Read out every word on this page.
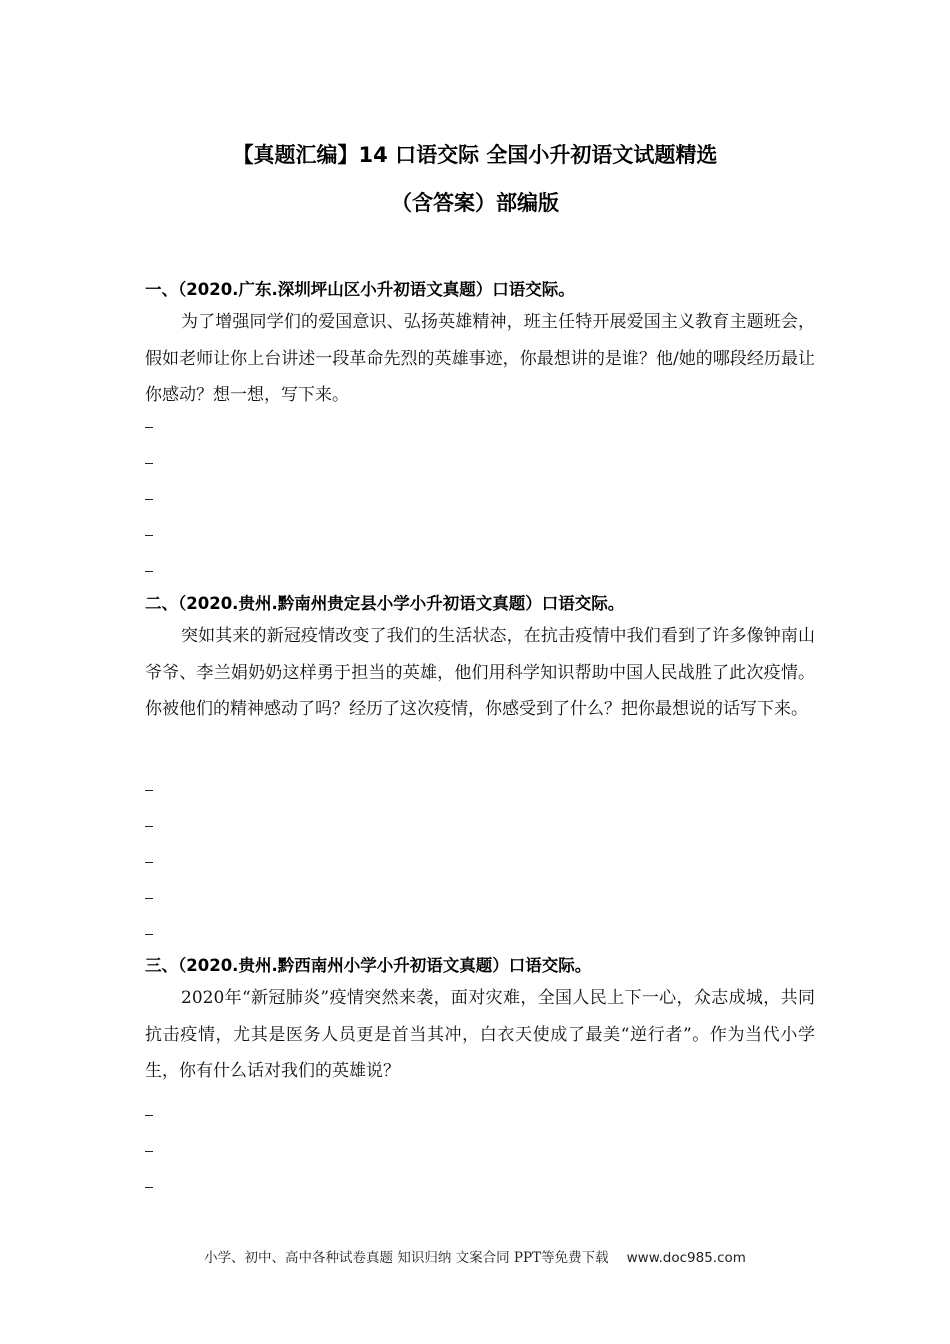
【真题汇编】14 口语交际 全国小升初语文试题精选
（含答案）部编版
一、（2020.广东.深圳坪山区小升初语文真题）口语交际。
为了增强同学们的爱国意识、弘扬英雄精神，班主任特开展爱国主义教育主题班会，假如老师让你上台讲述一段革命先烈的英雄事迹，你最想讲的是谁？他/她的哪段经历最让你感动？想一想，写下来。
二、（2020.贵州.黔南州贵定县小学小升初语文真题）口语交际。
突如其来的新冠疫情改变了我们的生活状态，在抗击疫情中我们看到了许多像钟南山爷爷、李兰娟奶奶这样勇于担当的英雄，他们用科学知识帮助中国人民战胜了此次疫情。你被他们的精神感动了吗？经历了这次疫情，你感受到了什么？把你最想说的话写下来。
三、（2020.贵州.黔西南州小学小升初语文真题）口语交际。
2020年“新冠肺炎”疫情突然来袭，面对灾难，全国人民上下一心，众志成城，共同抗击疫情，尤其是医务人员更是首当其冲，白衣天使成了最美“逆行者”。作为当代小学生，你有什么话对我们的英雄说？
小学、初中、高中各种试卷真题 知识归纳 文案合同 PPT等免费下载 www.doc985.com
